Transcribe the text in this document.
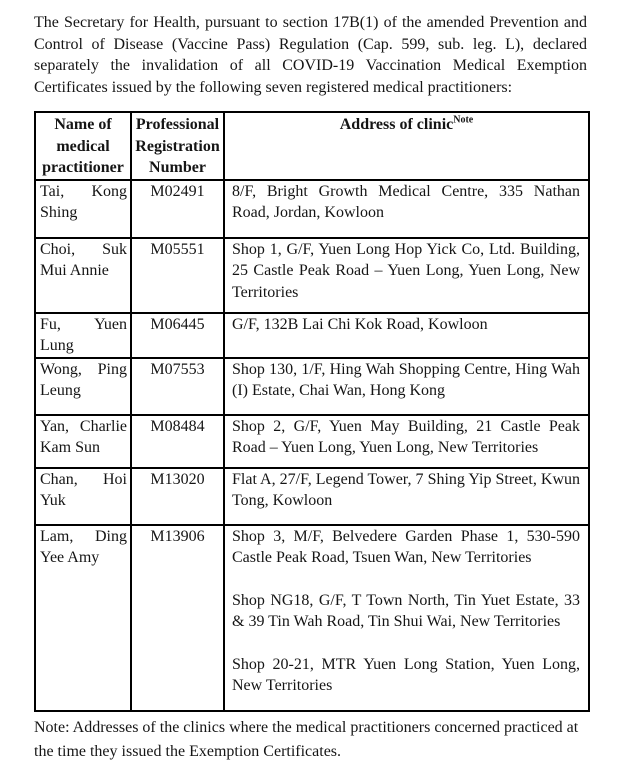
The Secretary for Health, pursuant to section 17B(1) of the amended Prevention and Control of Disease (Vaccine Pass) Regulation (Cap. 599, sub. leg. L), declared separately the invalidation of all COVID-19 Vaccination Medical Exemption Certificates issued by the following seven registered medical practitioners:

Name of medical practitioner	Professional Registration Number	Address of clinic$^{Note}$
Tai, Kong Shing	M02491	8/F, Bright Growth Medical Centre, 335 Nathan Road, Jordan, Kowloon

Choi, Suk Mui Annie	M05551	Shop 1, G/F, Yuen Long Hop Yick Co, Ltd. Building, 25 Castle Peak Road – Yuen Long, Yuen Long, New Territories

Fu, Yuen Lung	M06445	G/F, 132B Lai Chi Kok Road, Kowloon

Wong, Ping Leung	M07553	Shop 130, 1/F, Hing Wah Shopping Centre, Hing Wah (I) Estate, Chai Wan, Hong Kong

Yan, Charlie Kam Sun	M08484	Shop 2, G/F, Yuen May Building, 21 Castle Peak Road – Yuen Long, Yuen Long, New Territories

Chan, Hoi Yuk	M13020	Flat A, 27/F, Legend Tower, 7 Shing Yip Street, Kwun Tong, Kowloon

Lam, Ding Yee Amy	M13906	Shop 3, M/F, Belvedere Garden Phase 1, 530-590 Castle Peak Road, Tsuen Wan, New Territories

Shop NG18, G/F, T Town North, Tin Yuet Estate, 33 & 39 Tin Wah Road, Tin Shui Wai, New Territories

Shop 20-21, MTR Yuen Long Station, Yuen Long, New Territories

Note: Addresses of the clinics where the medical practitioners concerned practiced at the time they issued the Exemption Certificates.
